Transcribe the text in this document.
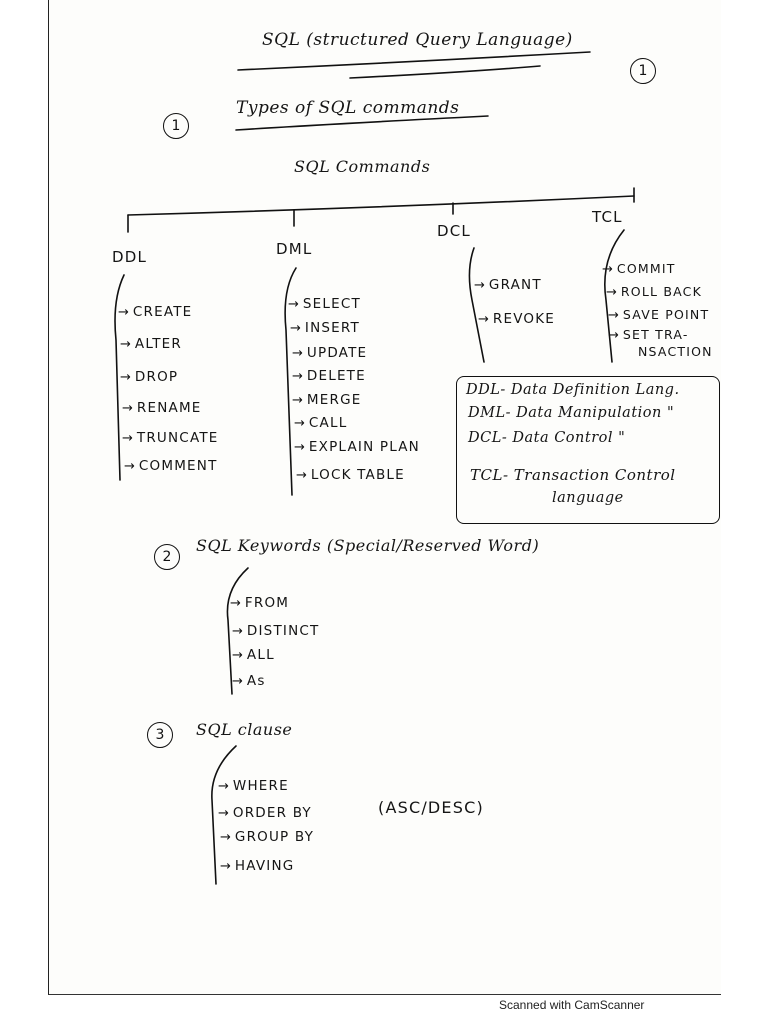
SQL (structured Query Language)
1
1
Types of SQL commands
SQL Commands
DDL	DML
DCL
TCL
→ CREATE
→ ALTER
→ DROP
→ RENAME
→ TRUNCATE
→ COMMENT
→ SELECT
→ INSERT
→ UPDATE
→ DELETE
→ MERGE
→ CALL
→ EXPLAIN PLAN
→ LOCK TABLE
→ GRANT
→ REVOKE
→ COMMIT
→ ROLL BACK
→ SAVE POINT
→ SET TRA-
NSACTION
DDL- Data Definition Lang.
DML- Data Manipulation "
DCL- Data Control "
TCL- Transaction Control
language
2
SQL Keywords (Special/Reserved Word)
→ FROM
→ DISTINCT
→ ALL
→ As
3	SQL clause
→ WHERE
→ ORDER BY	(ASC/DESC)
→ GROUP BY
→ HAVING
Scanned with CamScanner
